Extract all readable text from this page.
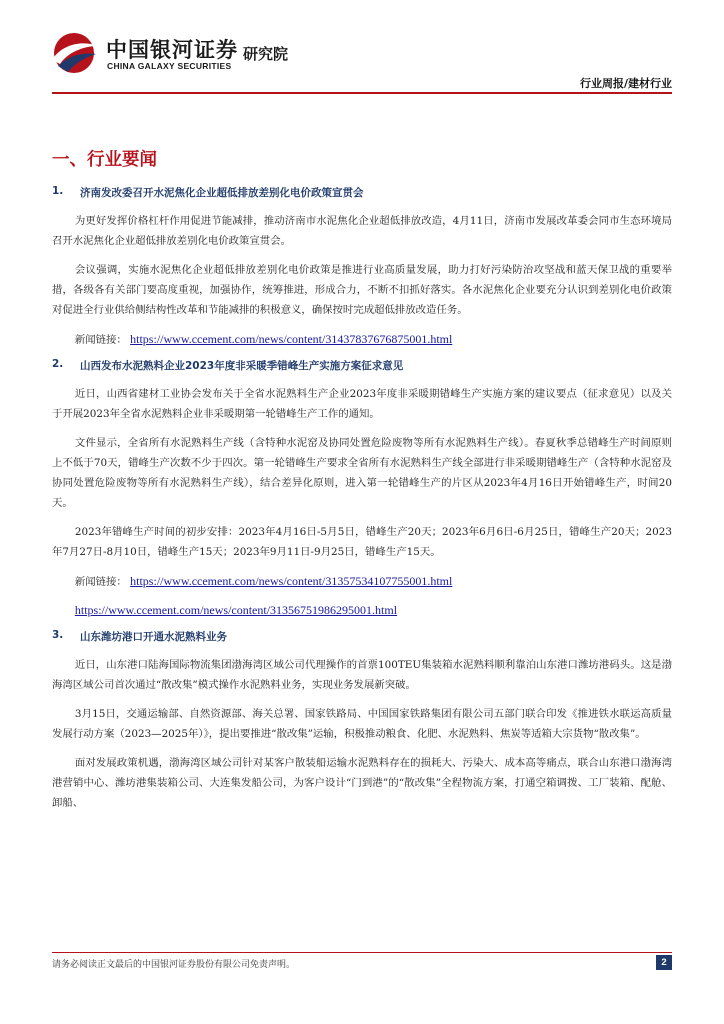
中国银河证券
CHINA GALAXY SECURITIES
研究院
行业周报/建材行业
一、行业要闻
1.	济南发改委召开水泥焦化企业超低排放差别化电价政策宣贯会

为更好发挥价格杠杆作用促进节能减排，推动济南市水泥焦化企业超低排放改造，4月11日，济南市发展改革委会同市生态环境局召开水泥焦化企业超低排放差别化电价政策宣贯会。

会议强调，实施水泥焦化企业超低排放差别化电价政策是推进行业高质量发展，助力打好污染防治攻坚战和蓝天保卫战的重要举措，各级各有关部门要高度重视，加强协作，统筹推进，形成合力，不断不扣抓好落实。各水泥焦化企业要充分认识到差别化电价政策对促进全行业供给侧结构性改革和节能减排的积极意义，确保按时完成超低排放改造任务。

新闻链接： https://www.ccement.com/news/content/31437837676875001.html

2.	山西发布水泥熟料企业2023年度非采暖季错峰生产实施方案征求意见

近日，山西省建材工业协会发布关于全省水泥熟料生产企业2023年度非采暖期错峰生产实施方案的建议要点（征求意见）以及关于开展2023年全省水泥熟料企业非采暖期第一轮错峰生产工作的通知。

文件显示，全省所有水泥熟料生产线（含特种水泥窑及协同处置危险废物等所有水泥熟料生产线）。春夏秋季总错峰生产时间原则上不低于70天，错峰生产次数不少于四次。第一轮错峰生产要求全省所有水泥熟料生产线全部进行非采暖期错峰生产（含特种水泥窑及协同处置危险废物等所有水泥熟料生产线），结合差异化原则，进入第一轮错峰生产的片区从2023年4月16日开始错峰生产，时间20天。

2023年错峰生产时间的初步安排：2023年4月16日-5月5日，错峰生产20天；2023年6月6日-6月25日，错峰生产20天；2023年7月27日-8月10日，错峰生产15天；2023年9月11日-9月25日，错峰生产15天。

新闻链接： https://www.ccement.com/news/content/31357534107755001.html

https://www.ccement.com/news/content/31356751986295001.html

3.	山东潍坊港口开通水泥熟料业务

近日，山东港口陆海国际物流集团渤海湾区域公司代理操作的首票100TEU集装箱水泥熟料顺利靠泊山东港口潍坊港码头。这是渤海湾区域公司首次通过“散改集”模式操作水泥熟料业务，实现业务发展新突破。

3月15日，交通运输部、自然资源部、海关总署、国家铁路局、中国国家铁路集团有限公司五部门联合印发《推进铁水联运高质量发展行动方案（2023—2025年）》，提出要推进“散改集”运输，积极推动粮食、化肥、水泥熟料、焦炭等适箱大宗货物“散改集”。

面对发展政策机遇，渤海湾区域公司针对某客户散装船运输水泥熟料存在的损耗大、污染大、成本高等痛点，联合山东港口渤海湾港营销中心、潍坊港集装箱公司、大连集发船公司，为客户设计“门到港”的“散改集”全程物流方案，打通空箱调拨、工厂装箱、配舱、卸船、

请务必阅读正文最后的中国银河证券股份有限公司免责声明。	2
